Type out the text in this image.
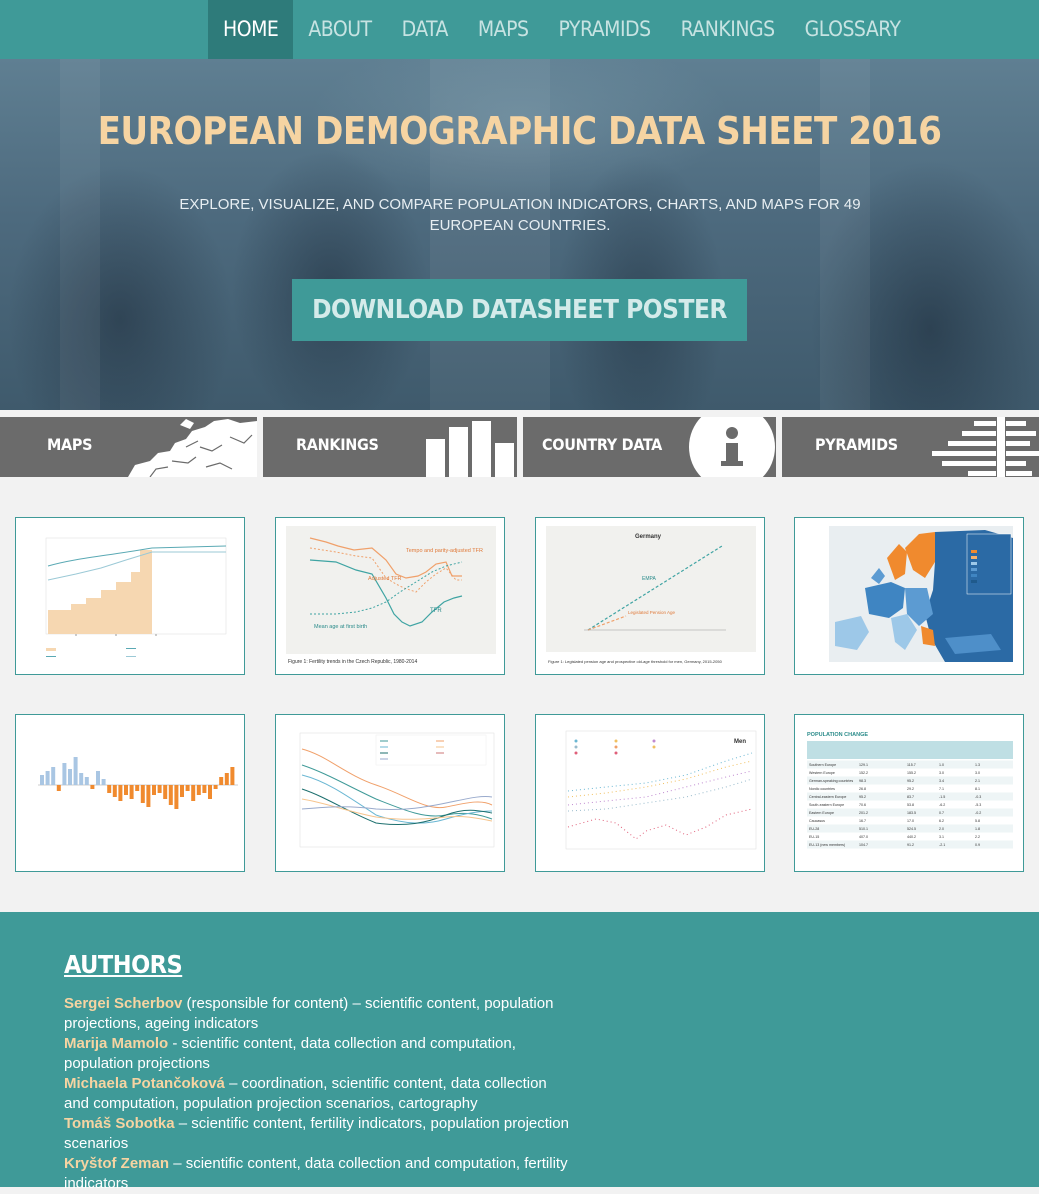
HOME	ABOUT	DATA	MAPS	PYRAMIDS	RANKINGS	GLOSSARY
EUROPEAN DEMOGRAPHIC DATA SHEET 2016

EXPLORE, VISUALIZE, AND COMPARE POPULATION INDICATORS, CHARTS, AND MAPS FOR 49 EUROPEAN COUNTRIES.

DOWNLOAD DATASHEET POSTER
MAPS	RANKINGS	COUNTRY DATA	PYRAMIDS
Tempo and parity-adjusted TFR
Adjusted TFR
TFR
Mean age at first birth
Figure 1: Fertility trends in the Czech Republic, 1980-2014
Germany
EMPA
Legislated Pension Age
Figure 1: Legislated pension age and prospective old-age threshold for men, Germany, 2015-2050
Men
POPULATION CHANGE
Southern Europe	129.1	115.7	1.0	1.3
Western Europe	152.2	155.2	3.0	3.0
German-speaking countries 98.3	95.2	3.4	2.1
Nordic countries	26.8	29.2	7.1	8.1
Central-eastern Europe	95.2	83.7	-1.5	-0.3
South-eastern Europe	70.6	53.8	-6.2	-5.3
Eastern Europe	201.2	183.5	0.7	-0.2
Caucasus	16.7	17.0	6.2	5.8
EU-28	510.1	524.5	2.0	1.8
EU-15	407.0	440.2	3.1	2.2
EU-13 (new members)	104.7	91.2	-2.1	0.9
AUTHORS
Sergei Scherbov (responsible for content) – scientific content, population projections, ageing indicators
Marija Mamolo - scientific content, data collection and computation, population projections
Michaela Potančoková – coordination, scientific content, data collection and computation, population projection scenarios, cartography
Tomáš Sobotka – scientific content, fertility indicators, population projection scenarios
Kryštof Zeman – scientific content, data collection and computation, fertility indicators
